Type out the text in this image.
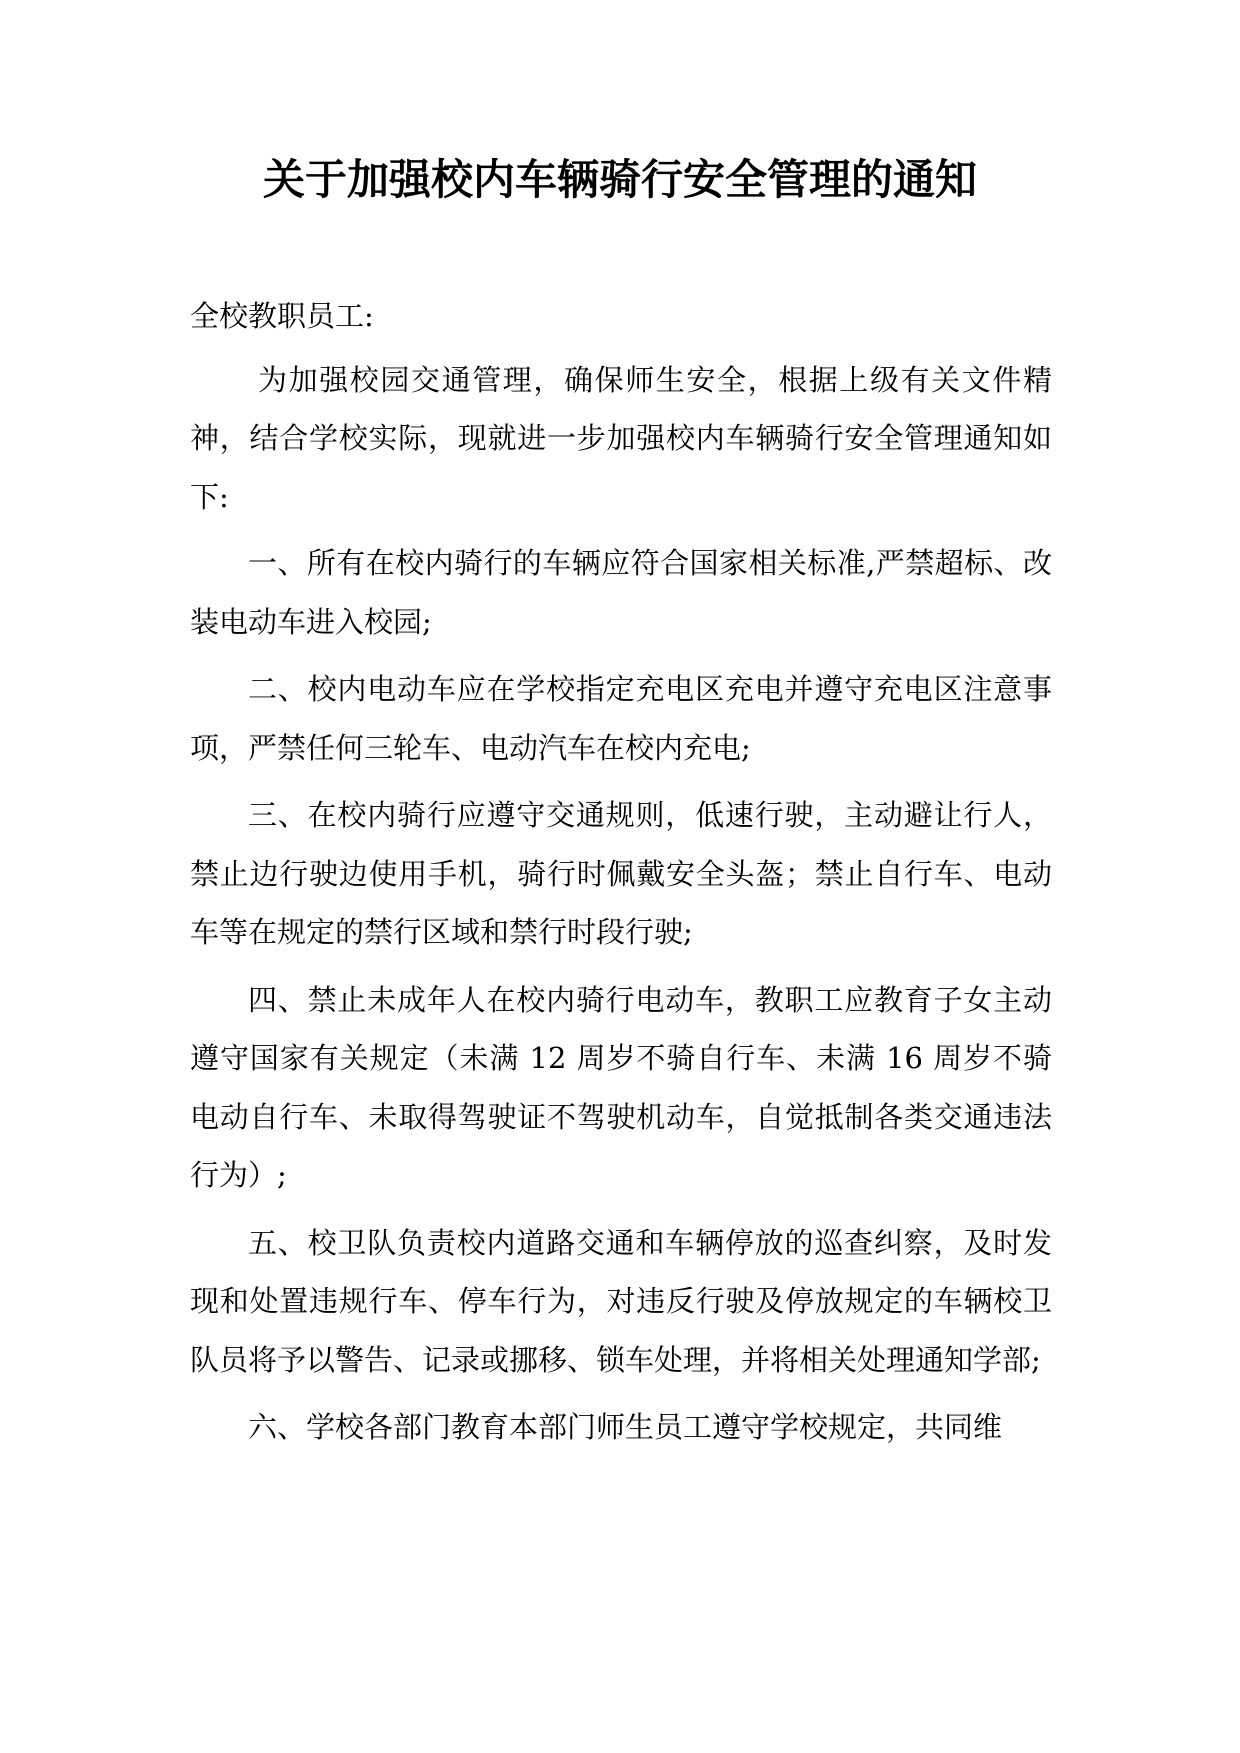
关于加强校内车辆骑行安全管理的通知

全校教职员工:

为加强校园交通管理，确保师生安全，根据上级有关文件精神，结合学校实际，现就进一步加强校内车辆骑行安全管理通知如下:

一、所有在校内骑行的车辆应符合国家相关标准,严禁超标、改装电动车进入校园;

二、校内电动车应在学校指定充电区充电并遵守充电区注意事项，严禁任何三轮车、电动汽车在校内充电;

三、在校内骑行应遵守交通规则，低速行驶，主动避让行人，禁止边行驶边使用手机，骑行时佩戴安全头盔；禁止自行车、电动车等在规定的禁行区域和禁行时段行驶;

四、禁止未成年人在校内骑行电动车，教职工应教育子女主动遵守国家有关规定（未满 12 周岁不骑自行车、未满 16 周岁不骑电动自行车、未取得驾驶证不驾驶机动车，自觉抵制各类交通违法行为）;

五、校卫队负责校内道路交通和车辆停放的巡查纠察，及时发现和处置违规行车、停车行为，对违反行驶及停放规定的车辆校卫队员将予以警告、记录或挪移、锁车处理，并将相关处理通知学部;

六、学校各部门教育本部门师生员工遵守学校规定，共同维
